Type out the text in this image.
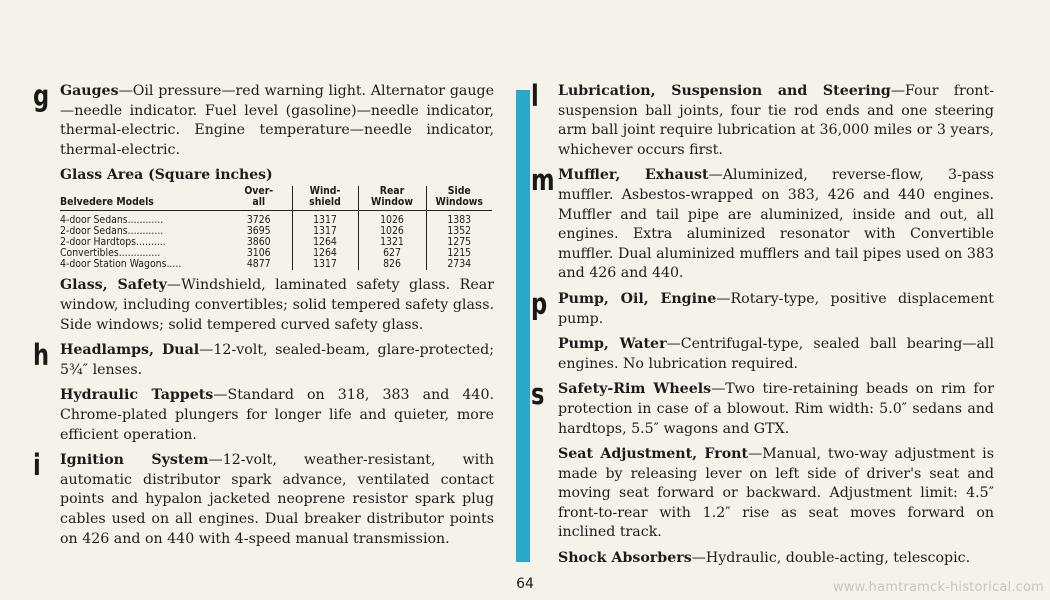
g Gauges—Oil pressure—red warning light. Alternator gauge—needle indicator. Fuel level (gasoline)—needle indicator, thermal-electric. Engine temperature—needle indicator, thermal-electric.

Glass Area (Square inches)
Belvedere Models	Over-all	Wind-shield	Rear Window	Side Windows
4-door Sedans............	3726	1317	1026	1383
2-door Sedans............	3695	1317	1026	1352
2-door Hardtops..........	3860	1264	1321	1275
Convertibles..............	3106	1264	627	1215
4-door Station Wagons.....	4877	1317	826	2734

Glass, Safety—Windshield, laminated safety glass. Rear window, including convertibles; solid tempered safety glass. Side windows; solid tempered curved safety glass.

h Headlamps, Dual—12-volt, sealed-beam, glare-protected; 5¾″ lenses.

Hydraulic Tappets—Standard on 318, 383 and 440. Chrome-plated plungers for longer life and quieter, more efficient operation.

i Ignition System—12-volt, weather-resistant, with automatic distributor spark advance, ventilated contact points and hypalon jacketed neoprene resistor spark plug cables used on all engines. Dual breaker distributor points on 426 and on 440 with 4-speed manual transmission.

l Lubrication, Suspension and Steering—Four front-suspension ball joints, four tie rod ends and one steering arm ball joint require lubrication at 36,000 miles or 3 years, whichever occurs first.

m Muffler, Exhaust—Aluminized, reverse-flow, 3-pass muffler. Asbestos-wrapped on 383, 426 and 440 engines. Muffler and tail pipe are aluminized, inside and out, all engines. Extra aluminized resonator with Convertible muffler. Dual aluminized mufflers and tail pipes used on 383 and 426 and 440.

p Pump, Oil, Engine—Rotary-type, positive displacement pump.

Pump, Water—Centrifugal-type, sealed ball bearing—all engines. No lubrication required.

s Safety-Rim Wheels—Two tire-retaining beads on rim for protection in case of a blowout. Rim width: 5.0″ sedans and hardtops, 5.5″ wagons and GTX.

Seat Adjustment, Front—Manual, two-way adjustment is made by releasing lever on left side of driver's seat and moving seat forward or backward. Adjustment limit: 4.5″ front-to-rear with 1.2″ rise as seat moves forward on inclined track.

Shock Absorbers—Hydraulic, double-acting, telescopic.

64	www.hamtramck-historical.com
